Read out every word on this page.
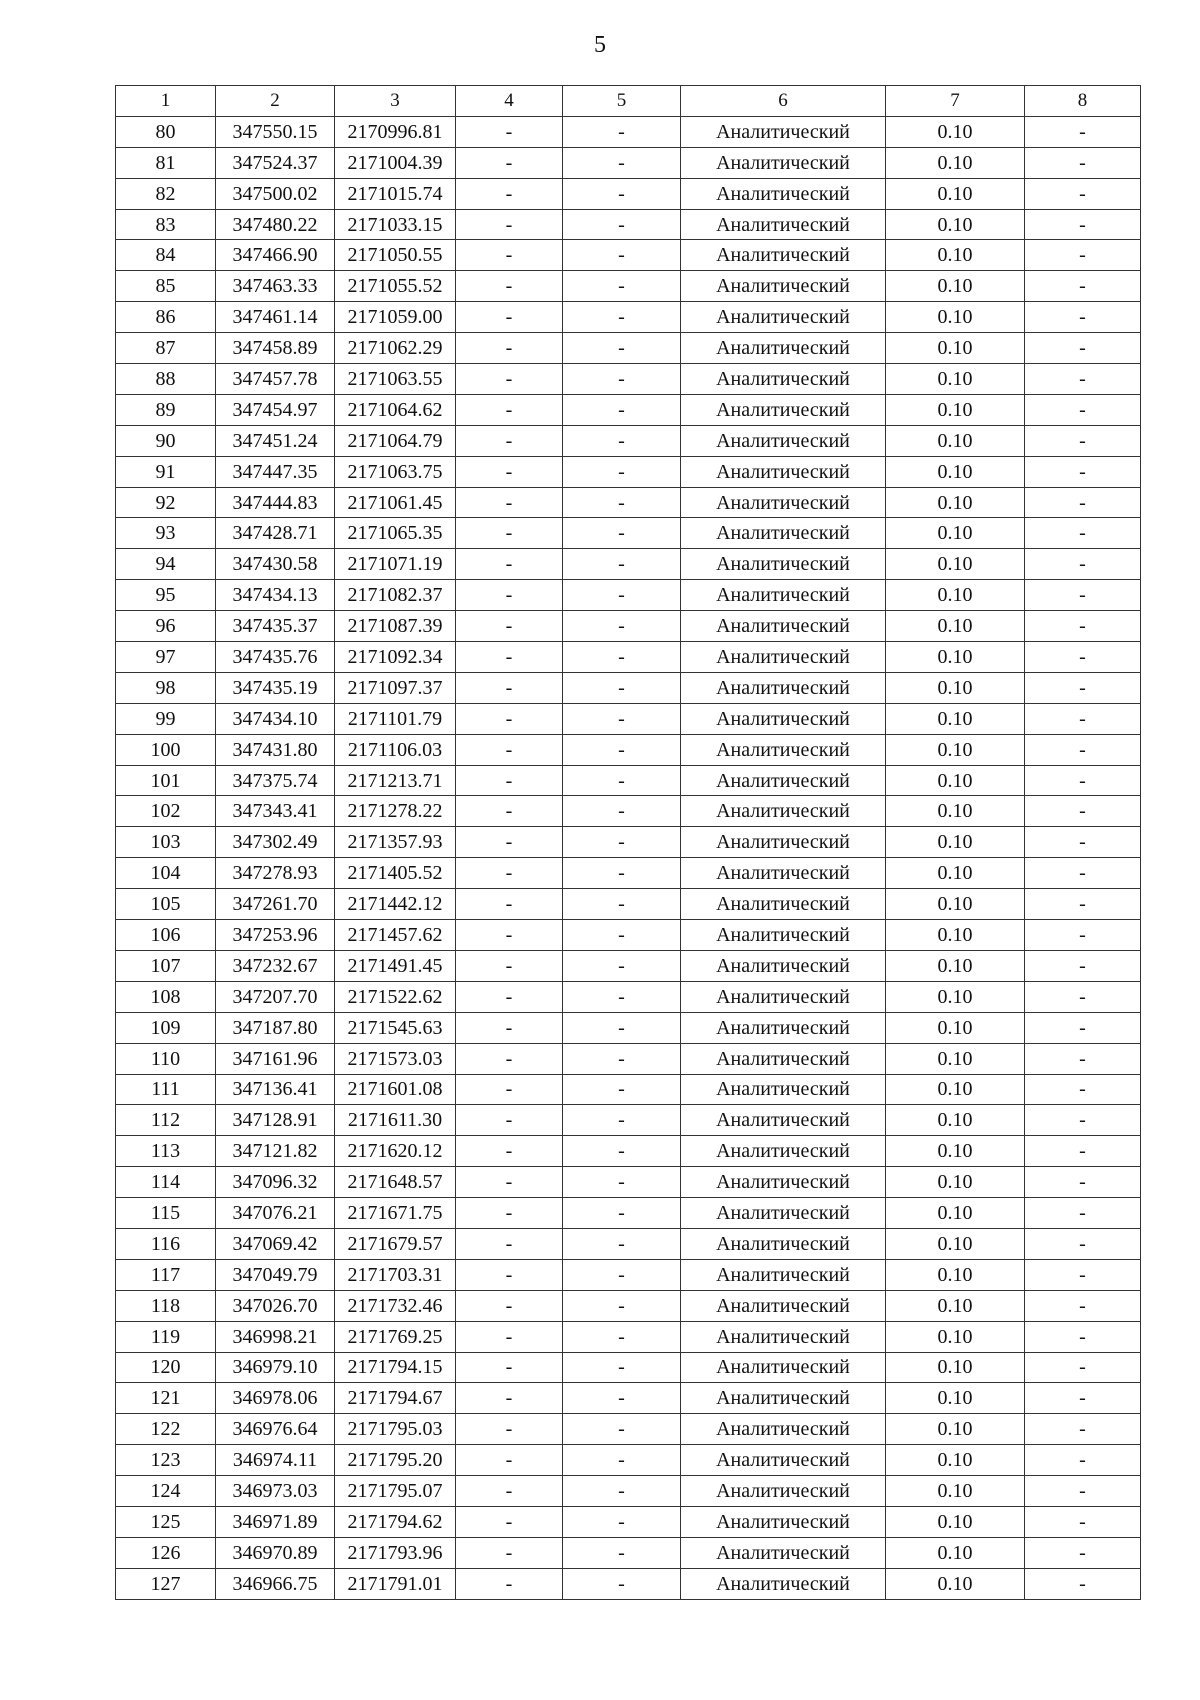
5
1	2	3	4	5	6	7	8
80	347550.15	2170996.81	-	-	Аналитический	0.10	-
81	347524.37	2171004.39	-	-	Аналитический	0.10	-
82	347500.02	2171015.74	-	-	Аналитический	0.10	-
83	347480.22	2171033.15	-	-	Аналитический	0.10	-
84	347466.90	2171050.55	-	-	Аналитический	0.10	-
85	347463.33	2171055.52	-	-	Аналитический	0.10	-
86	347461.14	2171059.00	-	-	Аналитический	0.10	-
87	347458.89	2171062.29	-	-	Аналитический	0.10	-
88	347457.78	2171063.55	-	-	Аналитический	0.10	-
89	347454.97	2171064.62	-	-	Аналитический	0.10	-
90	347451.24	2171064.79	-	-	Аналитический	0.10	-
91	347447.35	2171063.75	-	-	Аналитический	0.10	-
92	347444.83	2171061.45	-	-	Аналитический	0.10	-
93	347428.71	2171065.35	-	-	Аналитический	0.10	-
94	347430.58	2171071.19	-	-	Аналитический	0.10	-
95	347434.13	2171082.37	-	-	Аналитический	0.10	-
96	347435.37	2171087.39	-	-	Аналитический	0.10	-
97	347435.76	2171092.34	-	-	Аналитический	0.10	-
98	347435.19	2171097.37	-	-	Аналитический	0.10	-
99	347434.10	2171101.79	-	-	Аналитический	0.10	-
100	347431.80	2171106.03	-	-	Аналитический	0.10	-
101	347375.74	2171213.71	-	-	Аналитический	0.10	-
102	347343.41	2171278.22	-	-	Аналитический	0.10	-
103	347302.49	2171357.93	-	-	Аналитический	0.10	-
104	347278.93	2171405.52	-	-	Аналитический	0.10	-
105	347261.70	2171442.12	-	-	Аналитический	0.10	-
106	347253.96	2171457.62	-	-	Аналитический	0.10	-
107	347232.67	2171491.45	-	-	Аналитический	0.10	-
108	347207.70	2171522.62	-	-	Аналитический	0.10	-
109	347187.80	2171545.63	-	-	Аналитический	0.10	-
110	347161.96	2171573.03	-	-	Аналитический	0.10	-
111	347136.41	2171601.08	-	-	Аналитический	0.10	-
112	347128.91	2171611.30	-	-	Аналитический	0.10	-
113	347121.82	2171620.12	-	-	Аналитический	0.10	-
114	347096.32	2171648.57	-	-	Аналитический	0.10	-
115	347076.21	2171671.75	-	-	Аналитический	0.10	-
116	347069.42	2171679.57	-	-	Аналитический	0.10	-
117	347049.79	2171703.31	-	-	Аналитический	0.10	-
118	347026.70	2171732.46	-	-	Аналитический	0.10	-
119	346998.21	2171769.25	-	-	Аналитический	0.10	-
120	346979.10	2171794.15	-	-	Аналитический	0.10	-
121	346978.06	2171794.67	-	-	Аналитический	0.10	-
122	346976.64	2171795.03	-	-	Аналитический	0.10	-
123	346974.11	2171795.20	-	-	Аналитический	0.10	-
124	346973.03	2171795.07	-	-	Аналитический	0.10	-
125	346971.89	2171794.62	-	-	Аналитический	0.10	-
126	346970.89	2171793.96	-	-	Аналитический	0.10	-
127	346966.75	2171791.01	-	-	Аналитический	0.10	-
